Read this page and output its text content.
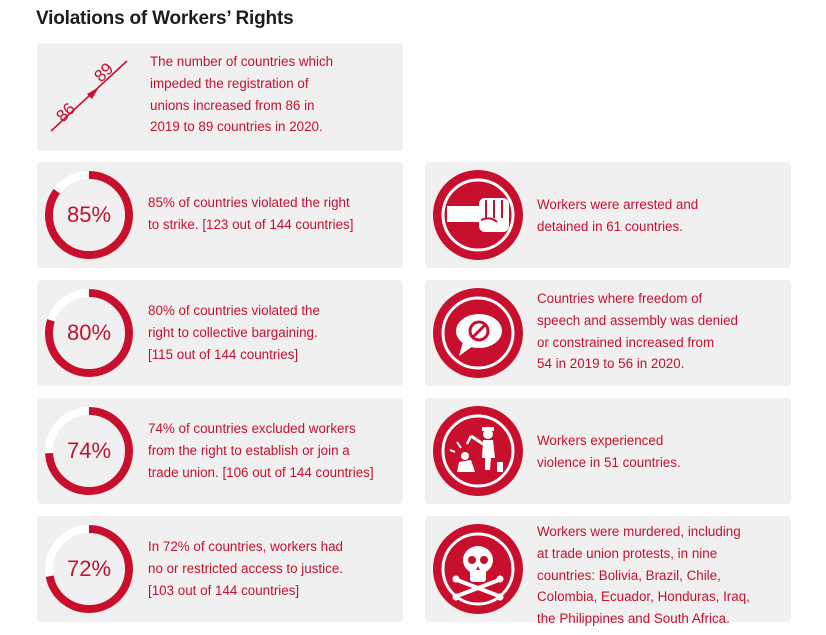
Violations of Workers’ Rights
86
89 The number of countries which
impeded the registration of
unions increased from 86 in
2019 to 89 countries in 2020.
85%	85% of countries violated the right
to strike. [123 out of 144 countries]
80%
80% of countries violated the
right to collective bargaining.
[115 out of 144 countries]
74%
74% of countries excluded workers
from the right to establish or join a
trade union. [106 out of 144 countries]
72%
In 72% of countries, workers had
no or restricted access to justice.
[103 out of 144 countries]
Workers were arrested and
detained in 61 countries.
Countries where freedom of
speech and assembly was denied
or constrained increased from
54 in 2019 to 56 in 2020.
Workers experienced
violence in 51 countries.
Workers were murdered, including
at trade union protests, in nine
countries: Bolivia, Brazil, Chile,
Colombia, Ecuador, Honduras, Iraq,
the Philippines and South Africa.
